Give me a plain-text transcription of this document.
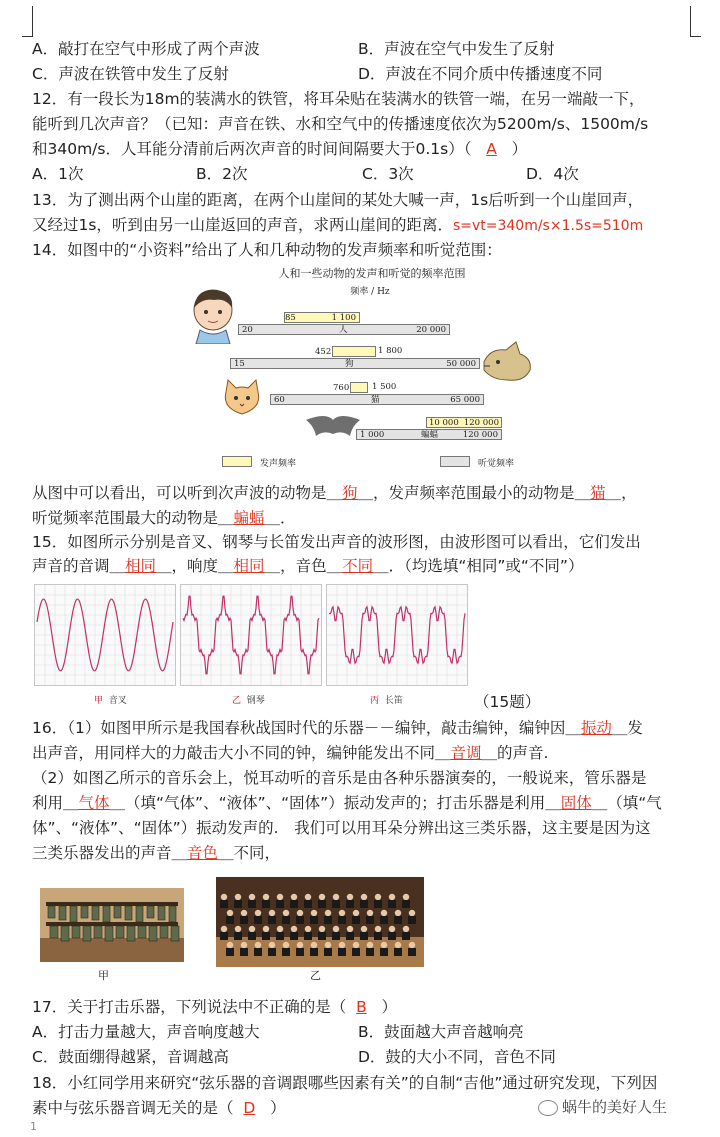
A．敲打在空气中形成了两个声波	B．声波在空气中发生了反射
C．声波在铁管中发生了反射	D．声波在不同介质中传播速度不同
12．有一段长为18m的装满水的铁管，将耳朵贴在装满水的铁管一端，在另一端敲一下，
能听到几次声音？（已知：声音在铁、水和空气中的传播速度依次为5200m/s、1500m/s
和340m/s．人耳能分清前后两次声音的时间间隔要大于0.1s）（ A ）
A．1次	B．2次	C．3次	D．4次
13．为了测出两个山崖的距离，在两个山崖间的某处大喊一声，1s后听到一个山崖回声，
又经过1s，听到由另一山崖返回的声音，求两山崖间的距离．s=vt=340m/s×1.5s=510m
14．如图中的“小资料”给出了人和几种动物的发声频率和听觉范围：
人和一些动物的发声和听觉的频率范围
频率 / Hz
85	1 100
20	人	20 000
452	1 800
15	狗	50 000
760	1 500
60	猫	65 000
10 000 120 000
1 000	蝙蝠	120 000
发声频率	听觉频率
从图中可以看出，可以听到次声波的动物是＿狗＿，发声频率范围最小的动物是＿猫＿，
听觉频率范围最大的动物是＿蝙蝠＿．
15．如图所示分别是音叉、钢琴与长笛发出声音的波形图，由波形图可以看出，它们发出
声音的音调＿相同＿，响度＿相同＿，音色＿不同＿．（均选填“相同”或“不同”）
甲 音叉	乙 钢琴	丙 长笛	（15题）
16．（1）如图甲所示是我国春秋战国时代的乐器－－编钟，敲击编钟，编钟因＿振动＿发
出声音，用同样大的力敲击大小不同的钟，编钟能发出不同＿音调＿的声音.
（2）如图乙所示的音乐会上，悦耳动听的音乐是由各种乐器演奏的，一般说来，管乐器是
利用＿气体＿（填“气体”、“液体”、“固体”）振动发声的；打击乐器是利用＿固体＿（填“气
体”、“液体”、“固体”）振动发声的.　我们可以用耳朵分辨出这三类乐器，这主要是因为这
三类乐器发出的声音＿音色＿不同，
甲	乙
17．关于打击乐器，下列说法中不正确的是（ B ）
A．打击力量越大，声音响度越大	B．鼓面越大声音越响亮
C．鼓面绷得越紧，音调越高	D．鼓的大小不同，音色不同
18．小红同学用来研究“弦乐器的音调跟哪些因素有关”的自制“吉他”通过研究发现，下列因
素中与弦乐器音调无关的是（ D ）
1
蜗牛的美好人生
